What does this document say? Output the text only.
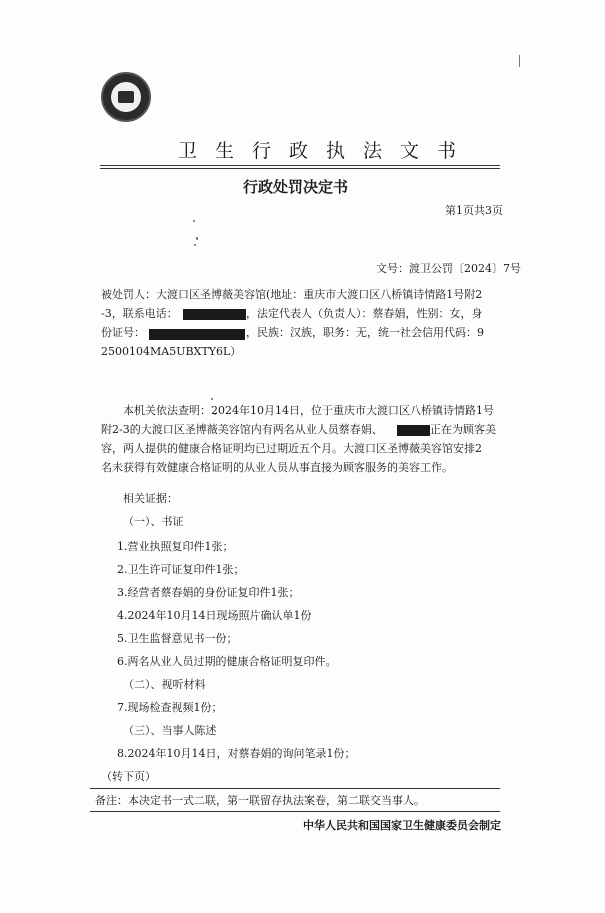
卫生行政执法文书
行政处罚决定书
第1页共3页
文号：渡卫公罚〔2024〕7号
被处罚人：大渡口区圣博薇美容馆(地址：重庆市大渡口区八桥镇诗情路1号附2
-3，联系电话：	，法定代表人（负责人）：蔡春娟，性别：女，身
份证号：	，民族：汉族，职务：无，统一社会信用代码：9
2500104MA5UBXTY6L）
本机关依法查明：2024年10月14日，位于重庆市大渡口区八桥镇诗情路1号
附2-3的大渡口区圣博薇美容馆内有两名从业人员蔡春娟、	正在为顾客美
容，两人提供的健康合格证明均已过期近五个月。大渡口区圣博薇美容馆安排2
名未获得有效健康合格证明的从业人员从事直接为顾客服务的美容工作。
相关证据：
（一）、书证
1.营业执照复印件1张；
2.卫生许可证复印件1张；
3.经营者蔡春娟的身份证复印件1张；
4.2024年10月14日现场照片确认单1份
5.卫生监督意见书一份；
6.两名从业人员过期的健康合格证明复印件。
（二）、视听材料
7.现场检查视频1份；
（三）、当事人陈述
8.2024年10月14日，对蔡春娟的询问笔录1份；
（转下页）
备注：本决定书一式二联，第一联留存执法案卷，第二联交当事人。
中华人民共和国国家卫生健康委员会制定
